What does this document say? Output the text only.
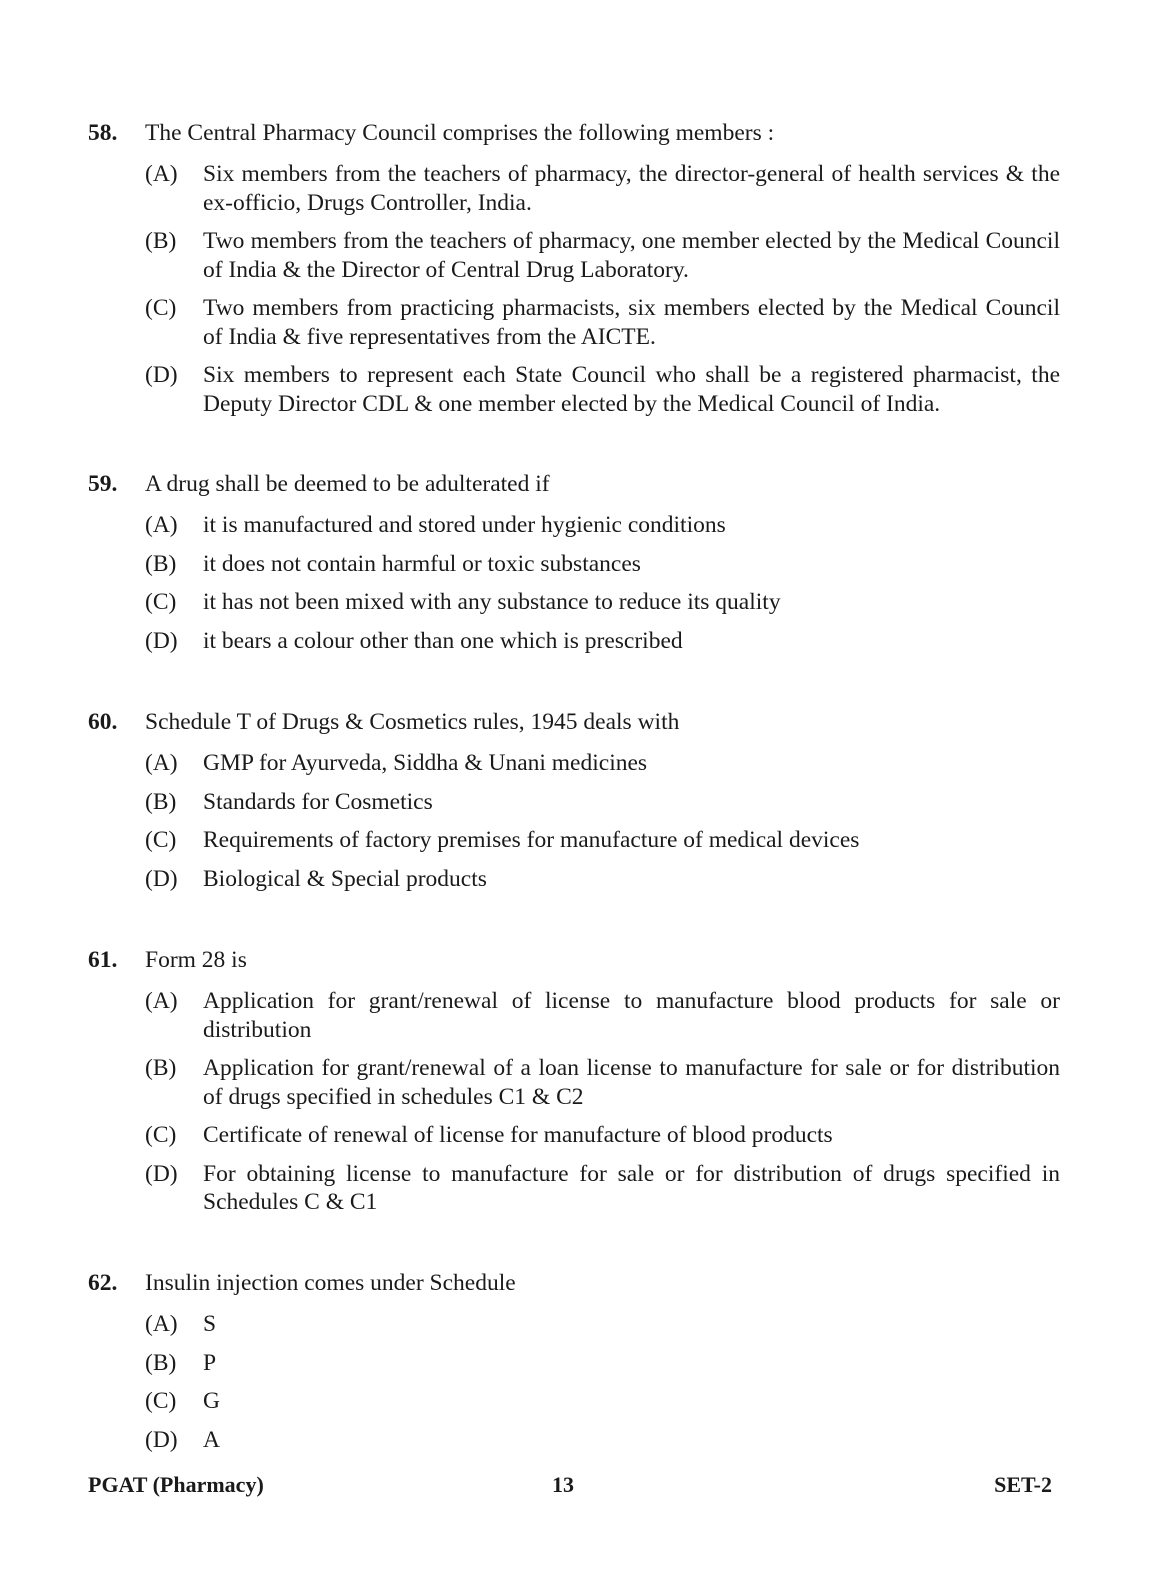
58.	The Central Pharmacy Council comprises the following members :
(A)	Six members from the teachers of pharmacy, the director-general of health services & the ex-officio, Drugs Controller, India.
(B)	Two members from the teachers of pharmacy, one member elected by the Medical Council of India & the Director of Central Drug Laboratory.
(C)	Two members from practicing pharmacists, six members elected by the Medical Council of India & five representatives from the AICTE.
(D)	Six members to represent each State Council who shall be a registered pharmacist, the Deputy Director CDL & one member elected by the Medical Council of India.
59.	A drug shall be deemed to be adulterated if
(A)	it is manufactured and stored under hygienic conditions
(B)	it does not contain harmful or toxic substances
(C)	it has not been mixed with any substance to reduce its quality
(D)	it bears a colour other than one which is prescribed
60.	Schedule T of Drugs & Cosmetics rules, 1945 deals with
(A)	GMP for Ayurveda, Siddha & Unani medicines
(B)	Standards for Cosmetics
(C)	Requirements of factory premises for manufacture of medical devices
(D)	Biological & Special products
61.	Form 28 is
(A)	Application for grant/renewal of license to manufacture blood products for sale or distribution
(B)	Application for grant/renewal of a loan license to manufacture for sale or for distribution of drugs specified in schedules C1 & C2
(C)	Certificate of renewal of license for manufacture of blood products
(D)	For obtaining license to manufacture for sale or for distribution of drugs specified in Schedules C & C1
62.	Insulin injection comes under Schedule
(A)	S
(B)	P
(C)	G
(D)	A
PGAT (Pharmacy)	13	SET-2
